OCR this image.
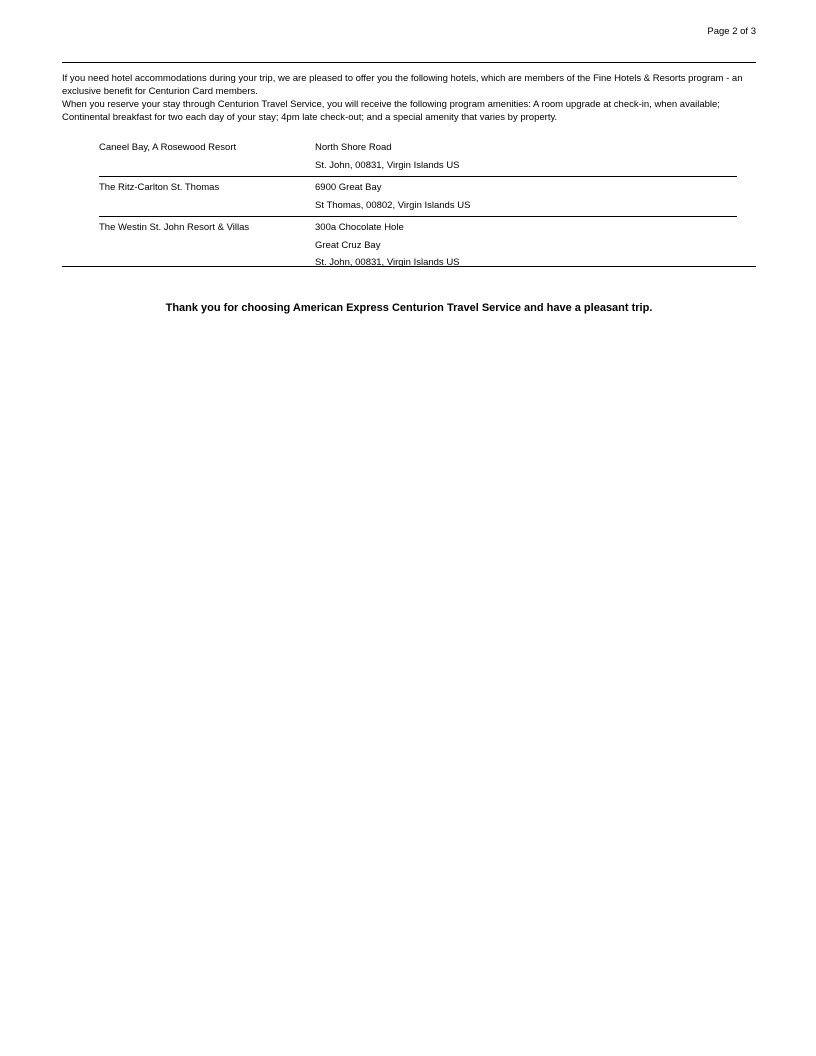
Page 2 of 3

If you need hotel accommodations during your trip, we are pleased to offer you the following hotels, which are members of the Fine Hotels & Resorts program - an exclusive benefit for Centurion Card members.

When you reserve your stay through Centurion Travel Service, you will receive the following program amenities: A room upgrade at check-in, when available; Continental breakfast for two each day of your stay; 4pm late check-out; and a special amenity that varies by property.

Caneel Bay, A Rosewood Resort	North Shore Road
St. John, 00831, Virgin Islands US
The Ritz-Carlton St. Thomas	6900 Great Bay
St Thomas, 00802, Virgin Islands US
The Westin St. John Resort & Villas	300a Chocolate Hole
Great Cruz Bay
St. John, 00831, Virgin Islands US
Thank you for choosing American Express Centurion Travel Service and have a pleasant trip.
